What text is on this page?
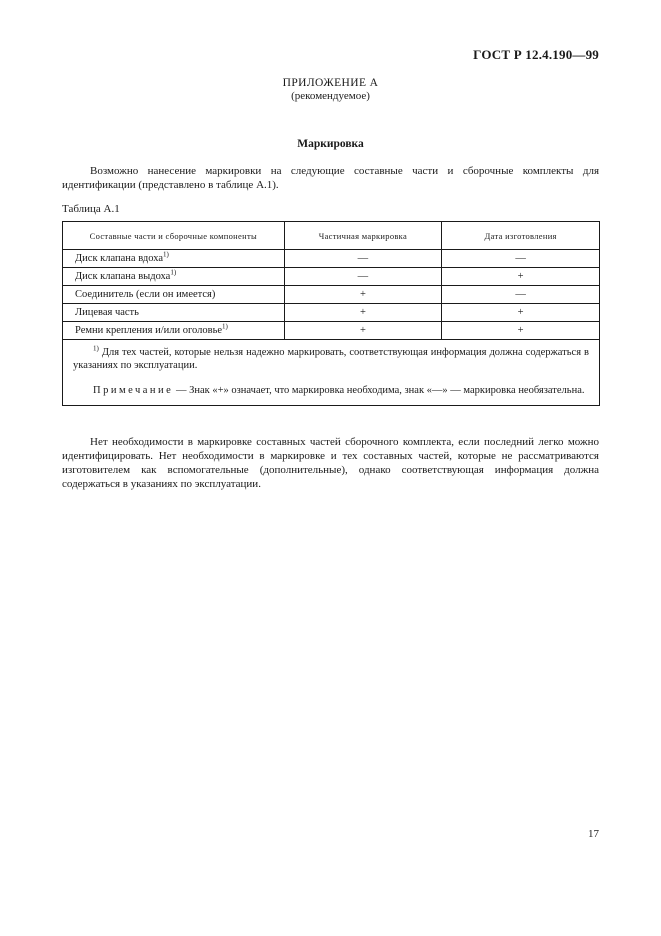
ГОСТ Р 12.4.190—99
ПРИЛОЖЕНИЕ А
(рекомендуемое)
Маркировка
Возможно нанесение маркировки на следующие составные части и сборочные комплекты для идентификации (представлено в таблице А.1).
Таблица А.1
Составные части и сборочные компоненты	Частичная маркировка	Дата изготовления
Диск клапана вдоха$^{1)}$	—	—
Диск клапана выдоха$^{1)}$	—	+
Соединитель (если он имеется)	+	—
Лицевая часть	+	+
Ремни крепления и/или оголовье$^{1)}$	+	+

$^{1)}$ Для тех частей, которые нельзя надежно маркировать, соответствующая информация должна содержаться в указаниях по эксплуатации.

Примечание — Знак «+» означает, что маркировка необходима, знак «—» — маркировка необязательна.		

Нет необходимости в маркировке составных частей сборочного комплекта, если последний легко можно идентифицировать. Нет необходимости в маркировке и тех составных частей, которые не рассматриваются изготовителем как вспомогательные (дополнительные), однако соответствующая информация должна содержаться в указаниях по эксплуатации.
17
